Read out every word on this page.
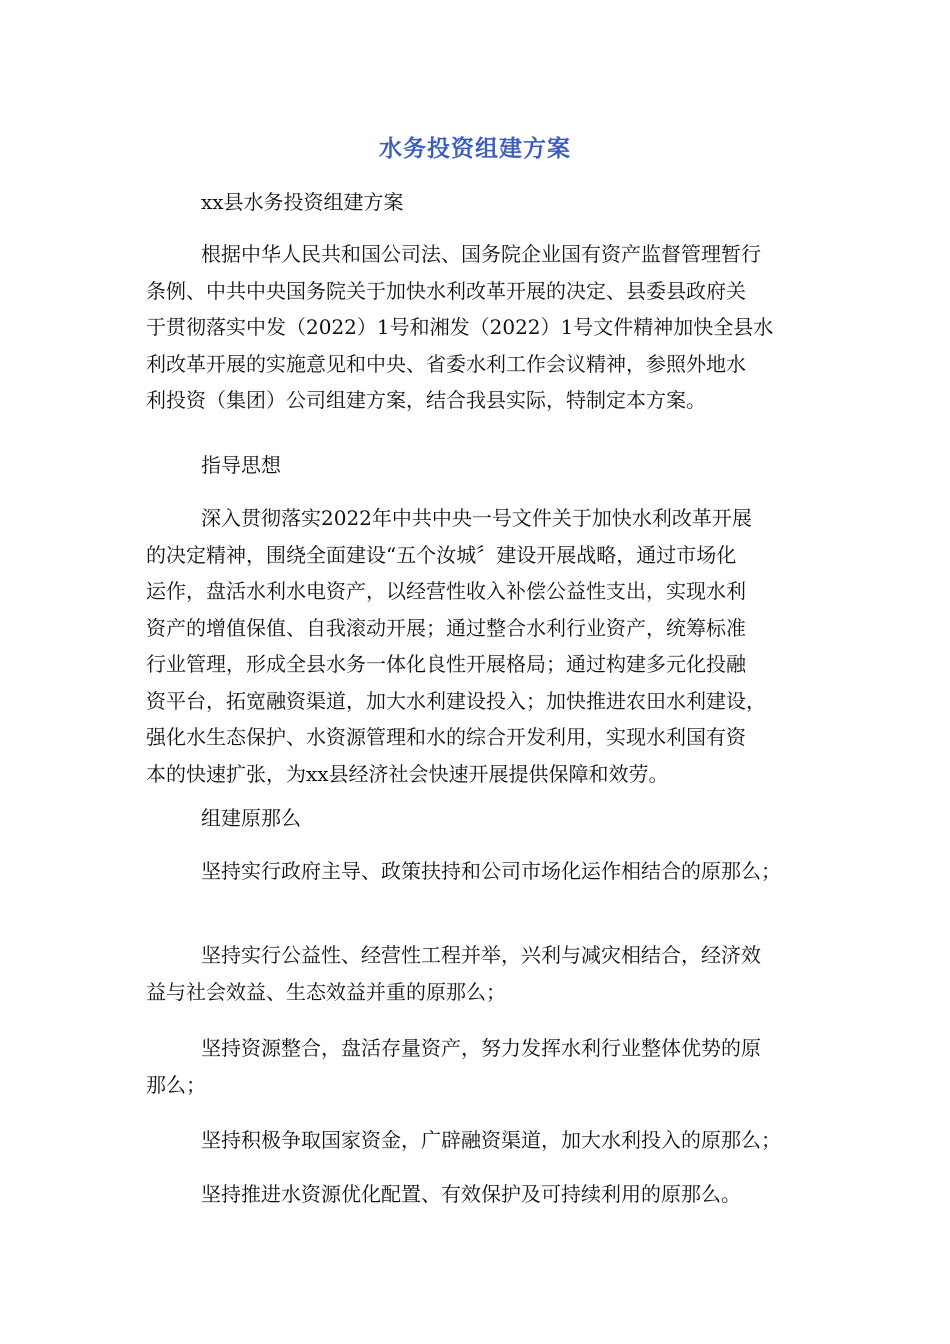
水务投资组建方案
xx县水务投资组建方案
根据中华人民共和国公司法、国务院企业国有资产监督管理暂行
条例、中共中央国务院关于加快水利改革开展的决定、县委县政府关
于贯彻落实中发（2022）1号和湘发（2022）1号文件精神加快全县水
利改革开展的实施意见和中央、省委水利工作会议精神，参照外地水
利投资（集团）公司组建方案，结合我县实际，特制定本方案。
指导思想
深入贯彻落实2022年中共中央一号文件关于加快水利改革开展
的决定精神，围绕全面建设“五个汝城〞建设开展战略，通过市场化
运作，盘活水利水电资产，以经营性收入补偿公益性支出，实现水利
资产的增值保值、自我滚动开展；通过整合水利行业资产，统筹标准
行业管理，形成全县水务一体化良性开展格局；通过构建多元化投融
资平台，拓宽融资渠道，加大水利建设投入；加快推进农田水利建设，
强化水生态保护、水资源管理和水的综合开发利用，实现水利国有资
本的快速扩张，为xx县经济社会快速开展提供保障和效劳。
组建原那么
坚持实行政府主导、政策扶持和公司市场化运作相结合的原那么；
坚持实行公益性、经营性工程并举，兴利与减灾相结合，经济效
益与社会效益、生态效益并重的原那么；
坚持资源整合，盘活存量资产，努力发挥水利行业整体优势的原
那么；
坚持积极争取国家资金，广辟融资渠道，加大水利投入的原那么；
坚持推进水资源优化配置、有效保护及可持续利用的原那么。
